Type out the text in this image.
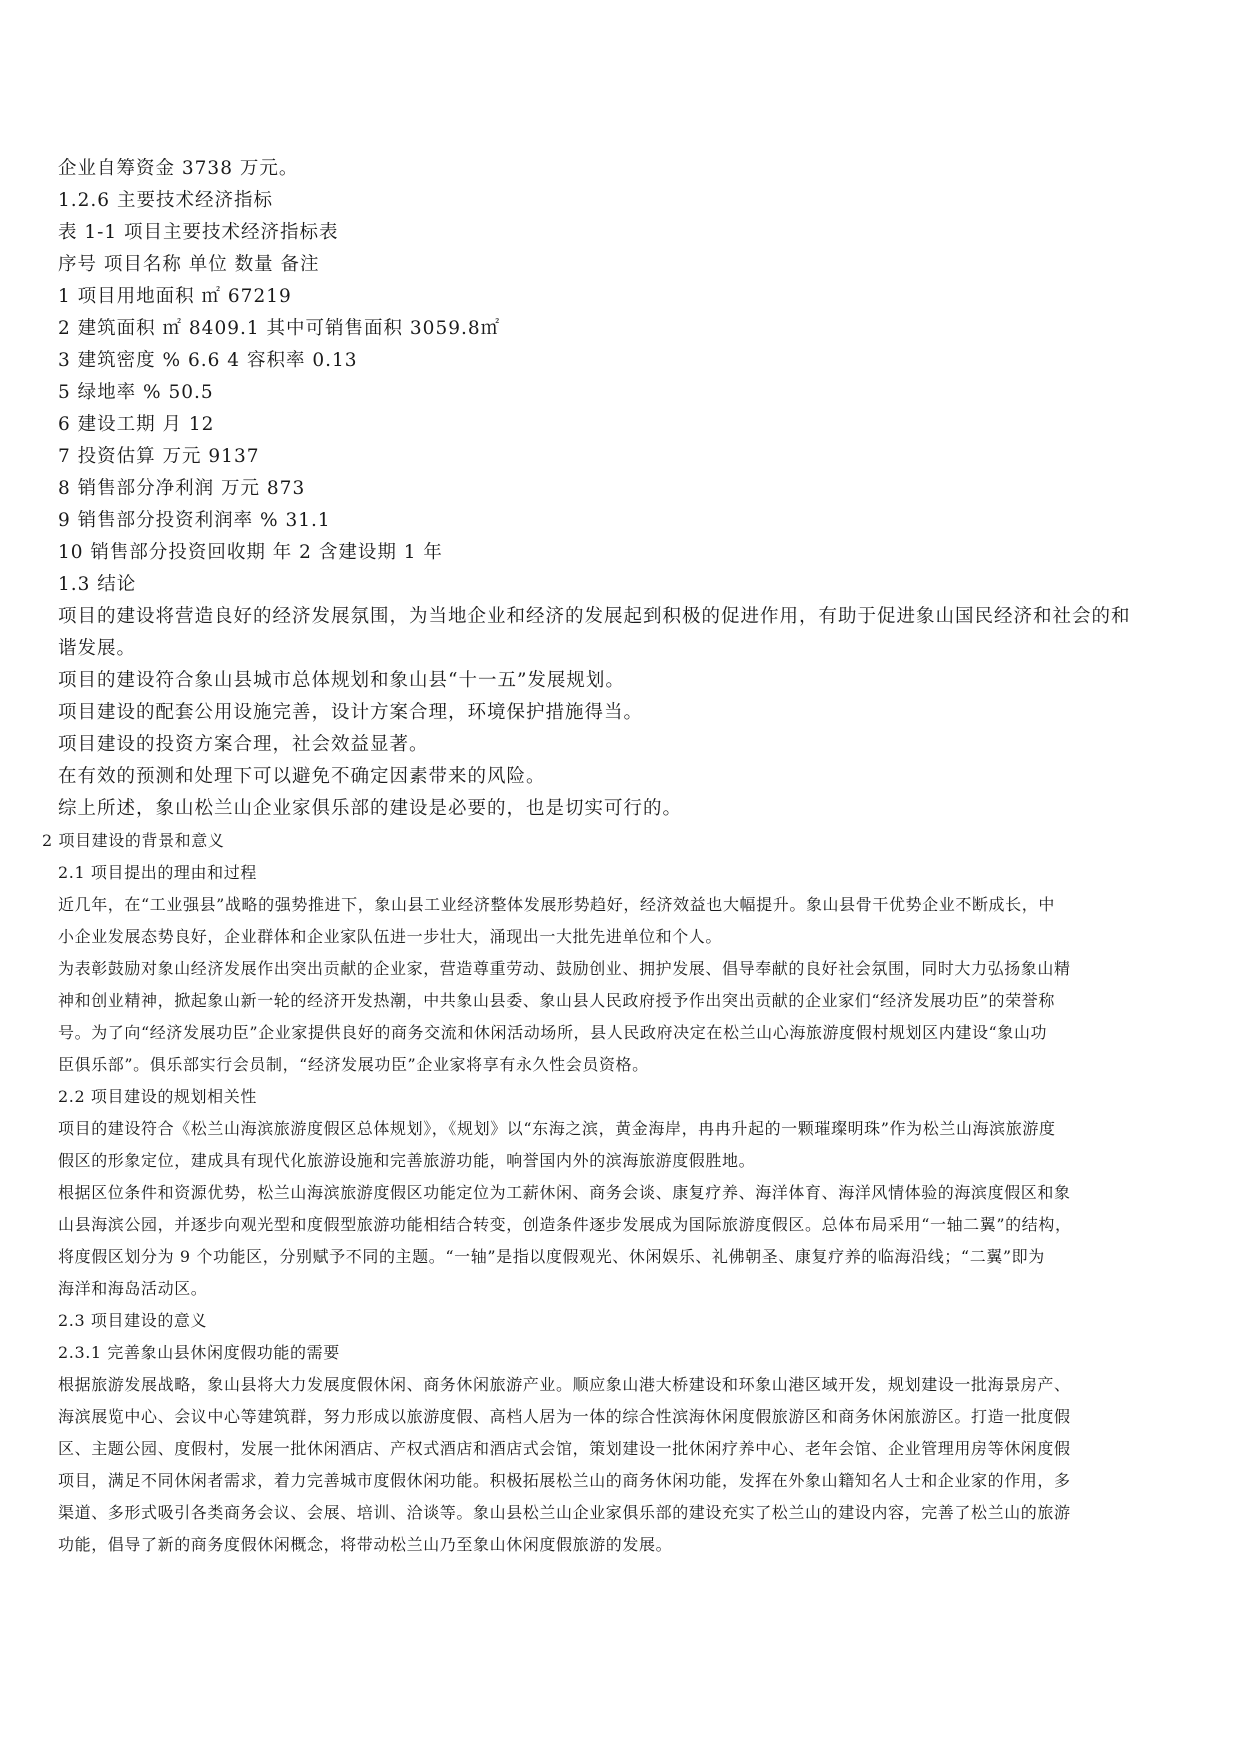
企业自筹资金 3738 万元。

1.2.6 主要技术经济指标

表 1-1 项目主要技术经济指标表

序号 项目名称 单位 数量 备注

1 项目用地面积 ㎡ 67219

2 建筑面积 ㎡ 8409.1 其中可销售面积 3059.8㎡

3 建筑密度 % 6.6 4 容积率 0.13

5 绿地率 % 50.5

6 建设工期 月 12

7 投资估算 万元 9137

8 销售部分净利润 万元 873

9 销售部分投资利润率 % 31.1

10 销售部分投资回收期 年 2 含建设期 1 年

1.3 结论

项目的建设将营造良好的经济发展氛围，为当地企业和经济的发展起到积极的促进作用，有助于促进象山国民经济和社会的和

谐发展。

项目的建设符合象山县城市总体规划和象山县“十一五”发展规划。

项目建设的配套公用设施完善，设计方案合理，环境保护措施得当。

项目建设的投资方案合理，社会效益显著。

在有效的预测和处理下可以避免不确定因素带来的风险。

综上所述，象山松兰山企业家俱乐部的建设是必要的，也是切实可行的。

2 项目建设的背景和意义

2.1 项目提出的理由和过程

近几年，在“工业强县”战略的强势推进下，象山县工业经济整体发展形势趋好，经济效益也大幅提升。象山县骨干优势企业不断成长，中

小企业发展态势良好，企业群体和企业家队伍进一步壮大，涌现出一大批先进单位和个人。

为表彰鼓励对象山经济发展作出突出贡献的企业家，营造尊重劳动、鼓励创业、拥护发展、倡导奉献的良好社会氛围，同时大力弘扬象山精

神和创业精神，掀起象山新一轮的经济开发热潮，中共象山县委、象山县人民政府授予作出突出贡献的企业家们“经济发展功臣”的荣誉称

号。为了向“经济发展功臣”企业家提供良好的商务交流和休闲活动场所，县人民政府决定在松兰山心海旅游度假村规划区内建设“象山功

臣俱乐部”。俱乐部实行会员制，“经济发展功臣”企业家将享有永久性会员资格。

2.2 项目建设的规划相关性

项目的建设符合《松兰山海滨旅游度假区总体规划》，《规划》以“东海之滨，黄金海岸，冉冉升起的一颗璀璨明珠”作为松兰山海滨旅游度

假区的形象定位，建成具有现代化旅游设施和完善旅游功能，响誉国内外的滨海旅游度假胜地。

根据区位条件和资源优势，松兰山海滨旅游度假区功能定位为工薪休闲、商务会谈、康复疗养、海洋体育、海洋风情体验的海滨度假区和象

山县海滨公园，并逐步向观光型和度假型旅游功能相结合转变，创造条件逐步发展成为国际旅游度假区。总体布局采用“一轴二翼”的结构，

将度假区划分为 9 个功能区，分别赋予不同的主题。“一轴”是指以度假观光、休闲娱乐、礼佛朝圣、康复疗养的临海沿线；“二翼”即为

海洋和海岛活动区。

2.3 项目建设的意义

2.3.1 完善象山县休闲度假功能的需要

根据旅游发展战略，象山县将大力发展度假休闲、商务休闲旅游产业。顺应象山港大桥建设和环象山港区域开发，规划建设一批海景房产、

海滨展览中心、会议中心等建筑群，努力形成以旅游度假、高档人居为一体的综合性滨海休闲度假旅游区和商务休闲旅游区。打造一批度假

区、主题公园、度假村，发展一批休闲酒店、产权式酒店和酒店式会馆，策划建设一批休闲疗养中心、老年会馆、企业管理用房等休闲度假

项目，满足不同休闲者需求，着力完善城市度假休闲功能。积极拓展松兰山的商务休闲功能，发挥在外象山籍知名人士和企业家的作用，多

渠道、多形式吸引各类商务会议、会展、培训、洽谈等。象山县松兰山企业家俱乐部的建设充实了松兰山的建设内容，完善了松兰山的旅游

功能，倡导了新的商务度假休闲概念，将带动松兰山乃至象山休闲度假旅游的发展。
